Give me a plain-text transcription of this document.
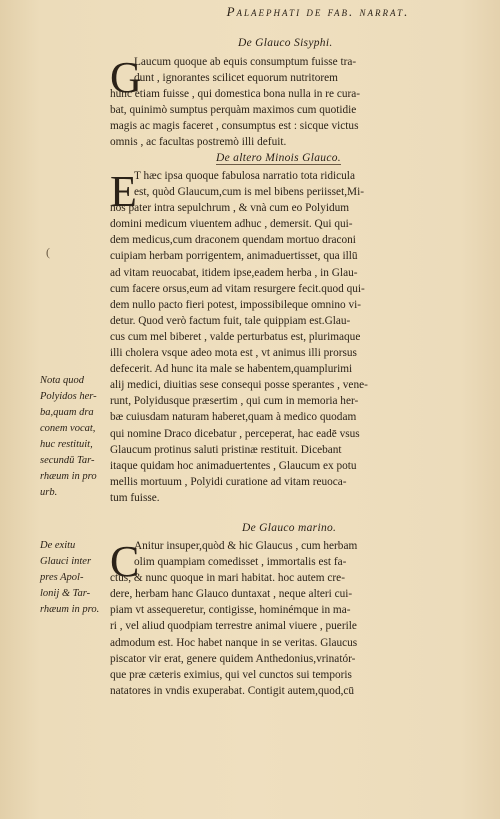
Palaephati de fab. narrat.
De Glauco Sisyphi.
G
Laucum quoque ab equis consumptum fuisse tra-
dunt , ignorantes scilicet equorum nutritorem
hunc etiam fuisse , qui domestica bona nulla in re cura-
bat, quinimò sumptus perquàm maximos cum quotidie
magis ac magis faceret , consumptus est : sicque victus
omnis , ac facultas postremò illi defuit.
De altero Minois Glauco.
E
T hæc ipsa quoque fabulosa narratio tota ridicula
est, quòd Glaucum,cum is mel bibens periisset,Mi-
nos pater intra sepulchrum , & vnà cum eo Polyidum
domini medicum viuentem adhuc , demersit. Qui qui-
dem medicus,cum draconem quendam mortuo draconi
cuipiam herbam porrigentem, animaduertisset, qua illū
ad vitam reuocabat, itidem ipse,eadem herba , in Glau-
cum facere orsus,eum ad vitam resurgere fecit.quod qui-
dem nullo pacto fieri potest, impossibileque omnino vi-
detur. Quod verò factum fuit, tale quippiam est.Glau-
cus cum mel biberet , valde perturbatus est, plurimaque
illi cholera vsque adeo mota est , vt animus illi prorsus
defecerit. Ad hunc ita male se habentem,quamplurimi
alij medici, diuitias sese consequi posse sperantes , vene-
runt, Polyidusque præsertim , qui cum in memoria her-
bæ cuiusdam naturam haberet,quam à medico quodam
qui nomine Draco dicebatur , perceperat, hac eadē vsus
Glaucum protinus saluti pristinæ restituit. Dicebant
itaque quidam hoc animaduertentes , Glaucum ex potu
mellis mortuum , Polyidi curatione ad vitam reuoca-
tum fuisse.
De Glauco marino.
C
Anitur insuper,quòd & hic Glaucus , cum herbam
olim quampiam comedisset , immortalis est fa-
ctus, & nunc quoque in mari habitat. hoc autem cre-
dere, herbam hanc Glauco duntaxat , neque alteri cui-
piam vt assequeretur, contigisse, hominémque in ma-
ri , vel aliud quodpiam terrestre animal viuere , puerile
admodum est. Hoc habet nanque in se veritas. Glaucus
piscator vir erat, genere quidem Anthedonius,vrinatór-
que præ cæteris eximius, qui vel cunctos sui temporis
natatores in vndis exuperabat. Contigit autem,quod,cū
(
Nota quod
Polyidos her-
ba,quam dra
conem vocat,
huc restituit,
secundū Tar-
rhæum in pro
urb.
De exitu
Glauci inter
pres Apol-
lonij & Tar-
rhæum in pro.
